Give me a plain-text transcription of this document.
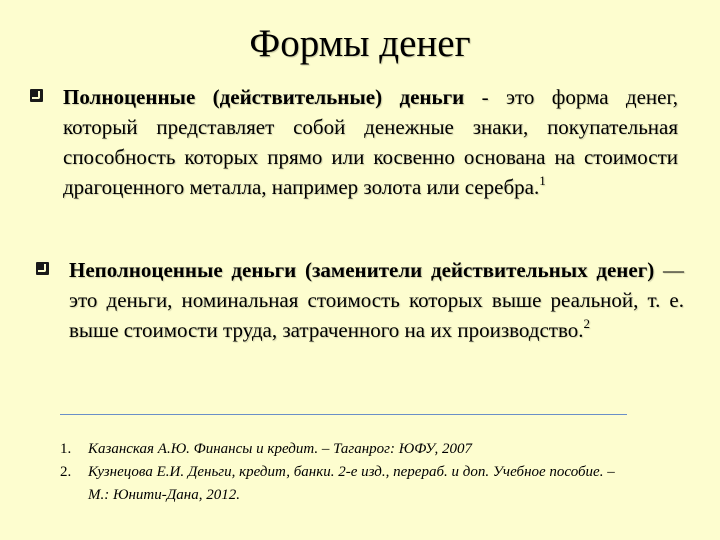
Формы денег
Полноценные (действительные) деньги - это форма денег, который представляет собой денежные знаки, покупательная способность которых прямо или косвенно основана на стоимости драгоценного металла, например золота или серебра.$^1$
Неполноценные деньги (заменители действительных денег) — это деньги, номинальная стоимость которых выше реальной, т. е. выше стоимости труда, затраченного на их производство.$^2$
1.	Казанская А.Ю. Финансы и кредит. – Таганрог: ЮФУ, 2007
2.	Кузнецова Е.И. Деньги, кредит, банки. 2-е изд., перераб. и доп. Учебное пособие. – М.: Юнити-Дана, 2012.
